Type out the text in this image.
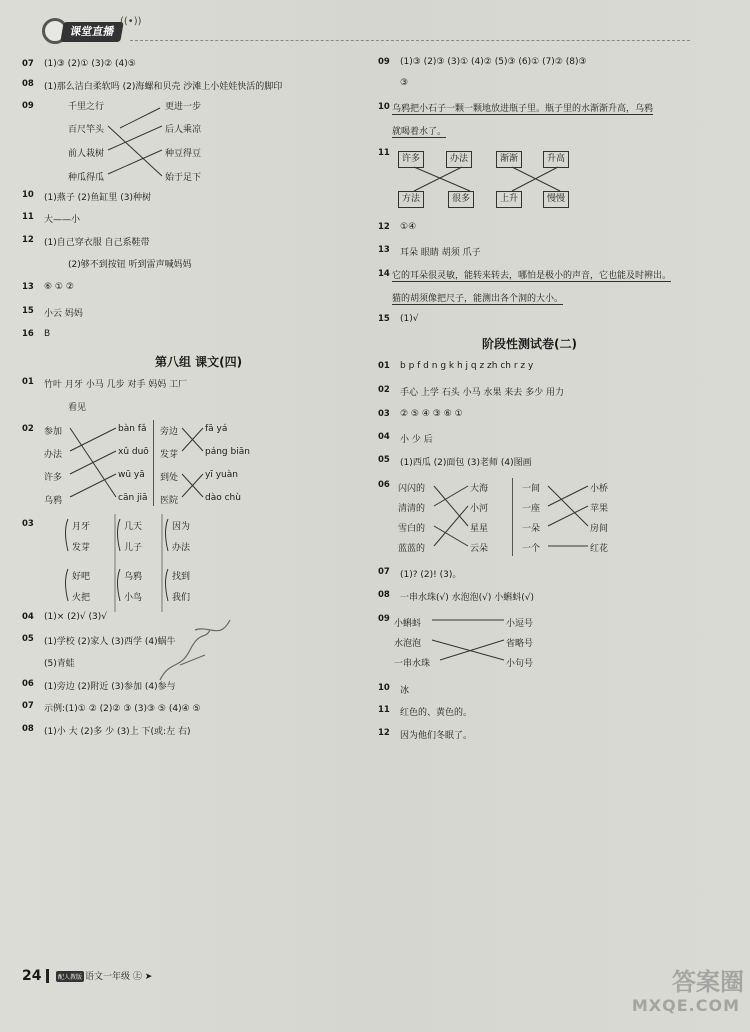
课堂直播
((•))
07 (1)③ (2)① (3)② (4)⑤
08 (1)那么洁白柔软吗 (2)海螺和贝壳 沙滩上小娃娃快活的脚印
09	千里之行
百尺竿头
前人栽树
种瓜得瓜
更进一步
后人乘凉
种豆得豆
始于足下
10 (1)燕子 (2)鱼缸里 (3)种树
11 大——小
12 (1)自己穿衣服 自己系鞋带
(2)够不到按钮 听到雷声喊妈妈
13 ⑥ ① ②
15 小云 妈妈
16 B
第八组 课文(四)
01 竹叶 月牙 小马 几步 对手 妈妈 工厂
看见
02 参加
办法
许多
乌鸦
bàn fǎ
xǔ duō
wū yā
cān jiā
旁边
发芽
到处
医院
fā yá
páng biān
yī yuàn
dào chù
03	月牙
发芽
几天
儿子
因为
办法
好吧
火把
乌鸦
小鸟
找到
我们
04 (1)× (2)√ (3)√
05 (1)学校 (2)家人 (3)西学 (4)蜗牛
(5)青蛙
06 (1)旁边 (2)附近 (3)参加 (4)参与
07 示例:(1)① ② (2)② ③ (3)③ ⑤ (4)④ ⑤
08 (1)小 大 (2)多 少 (3)上 下(或:左 右)
09 (1)③ (2)③ (3)① (4)② (5)③ (6)① (7)② (8)③
③
10 乌鸦把小石子一颗一颗地放进瓶子里。瓶子里的水渐渐升高，乌鸦
就喝着水了。
11
许多	办法	渐渐	升高
方法	很多	上升	慢慢
12 ①④
13 耳朵 眼睛 胡须 爪子
14 它的耳朵很灵敏，能转来转去，哪怕是极小的声音，它也能及时辨出。
猫的胡须像把尺子，能测出各个洞的大小。
15 (1)√
阶段性测试卷(二)
01 b p f d n g k h j q z zh ch r z y
02 手心 上学 石头 小马 水果 来去 多少 用力
03 ② ⑤ ④ ③ ⑥ ①
04 小 少 后
05 (1)西瓜 (2)面包 (3)老师 (4)图画
06 闪闪的
清清的
雪白的
蓝蓝的
大海
小河
星星
云朵
一间
一座
一朵
一个
小桥
苹果
房间
红花
07 (1)? (2)! (3)。
08 一串水珠(√) 水泡泡(√) 小蝌蚪(√)
09 小蝌蚪
水泡泡
一串水珠
小逗号
省略号
小句号
10 冰
11 红色的、黄色的。
12 因为他们冬眠了。
24	配人教版 语文一年级 ㊤ ➤	答案圈
MXQE.COM
